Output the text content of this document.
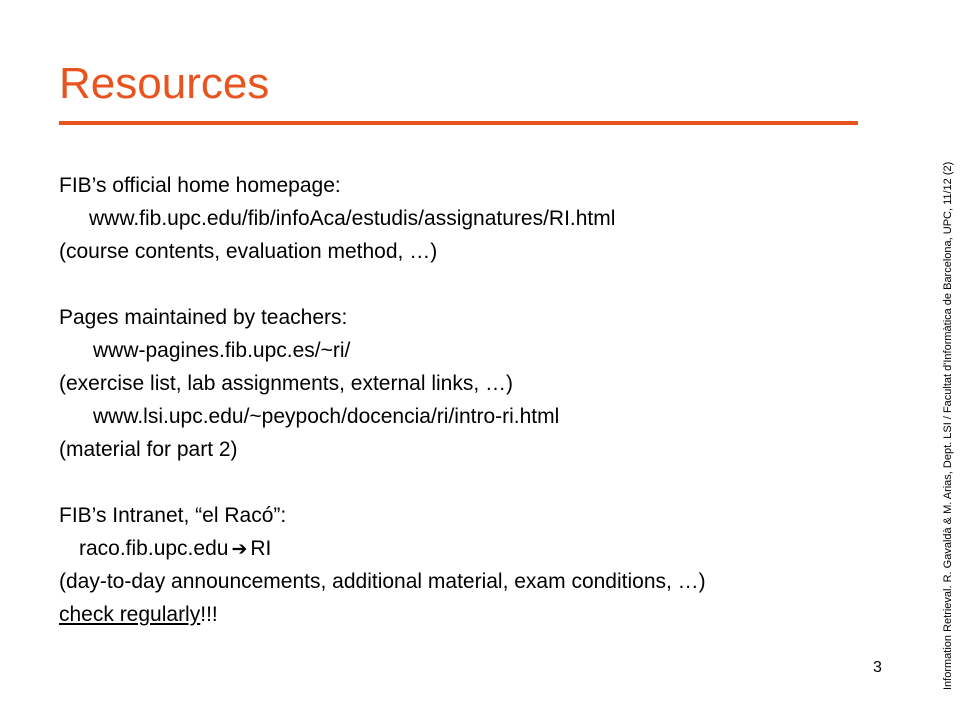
Resources
FIB’s official home homepage:
www.fib.upc.edu/fib/infoAca/estudis/assignatures/RI.html
(course contents, evaluation method, …)
Pages maintained by teachers:
www-pagines.fib.upc.es/~ri/
(exercise list, lab assignments, external links, …)
www.lsi.upc.edu/~peypoch/docencia/ri/intro-ri.html
(material for part 2)
FIB’s Intranet, “el Racó”:
raco.fib.upc.edu ➔ RI
(day-to-day announcements, additional material, exam conditions, …)
check regularly!!!
3	Information Retrieval. R. Gavaldà & M. Arias, Dept. LSI / Facultat d'Informàtica de Barcelona, UPC, 11/12 (2)
